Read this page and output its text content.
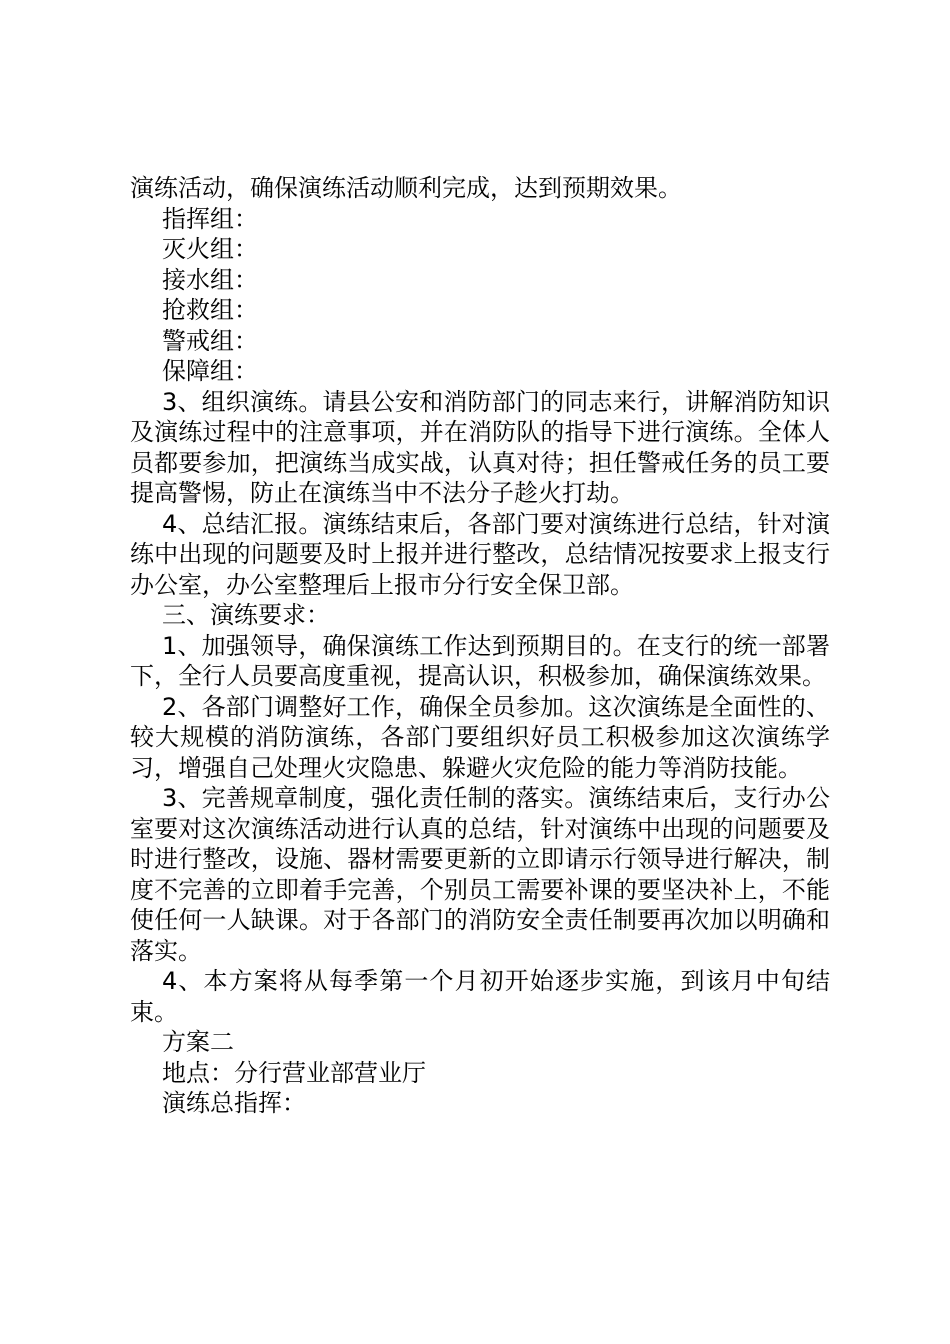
演练活动，确保演练活动顺利完成，达到预期效果。

指挥组：

灭火组：

接水组：

抢救组：

警戒组：

保障组：

3、组织演练。请县公安和消防部门的同志来行，讲解消防知识及演练过程中的注意事项，并在消防队的指导下进行演练。全体人员都要参加，把演练当成实战，认真对待；担任警戒任务的员工要提高警惕，防止在演练当中不法分子趁火打劫。

4、总结汇报。演练结束后，各部门要对演练进行总结，针对演练中出现的问题要及时上报并进行整改，总结情况按要求上报支行办公室，办公室整理后上报市分行安全保卫部。

三、演练要求：

1、加强领导，确保演练工作达到预期目的。在支行的统一部署下，全行人员要高度重视，提高认识，积极参加，确保演练效果。

2、各部门调整好工作，确保全员参加。这次演练是全面性的、较大规模的消防演练，各部门要组织好员工积极参加这次演练学习，增强自己处理火灾隐患、躲避火灾危险的能力等消防技能。

3、完善规章制度，强化责任制的落实。演练结束后，支行办公室要对这次演练活动进行认真的总结，针对演练中出现的问题要及时进行整改，设施、器材需要更新的立即请示行领导进行解决，制度不完善的立即着手完善，个别员工需要补课的要坚决补上，不能使任何一人缺课。对于各部门的消防安全责任制要再次加以明确和落实。

4、本方案将从每季第一个月初开始逐步实施，到该月中旬结束。

方案二

地点：分行营业部营业厅

演练总指挥：
